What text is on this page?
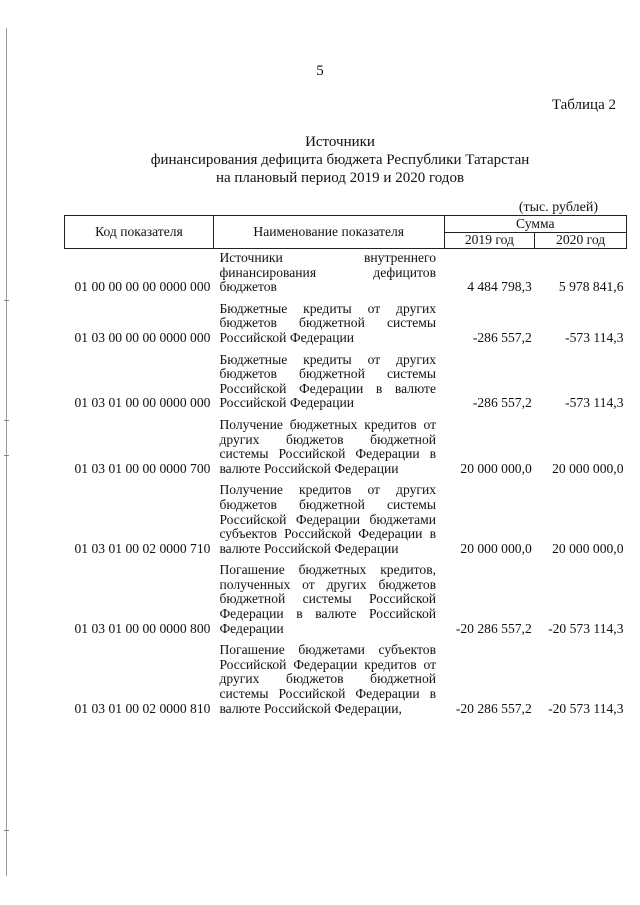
5
Таблица 2
Источники
финансирования дефицита бюджета Республики Татарстан
на плановый период 2019 и 2020 годов
(тыс. рублей)
Код показателя	Наименование показателя	Сумма	
		2019 год	2020 год
01 00 00 00 00 0000 000	Источники внутреннего финансирования дефицитов бюджетов	4 484 798,3	5 978 841,6
01 03 00 00 00 0000 000	Бюджетные кредиты от других бюджетов бюджетной системы Российской Федерации	-286 557,2	-573 114,3
01 03 01 00 00 0000 000	Бюджетные кредиты от других бюджетов бюджетной системы Российской Федерации в валюте Российской Федерации	-286 557,2	-573 114,3
01 03 01 00 00 0000 700	Получение бюджетных кредитов от других бюджетов бюджетной системы Российской Федерации в валюте Российской Федерации	20 000 000,0	20 000 000,0
01 03 01 00 02 0000 710	Получение кредитов от других бюджетов бюджетной системы Российской Федерации бюджетами субъектов Российской Федерации в валюте Российской Федерации	20 000 000,0	20 000 000,0
01 03 01 00 00 0000 800	Погашение бюджетных кредитов, полученных от других бюджетов бюджетной системы Российской Федерации в валюте Российской Федерации	-20 286 557,2	-20 573 114,3
01 03 01 00 02 0000 810	Погашение бюджетами субъектов Российской Федерации кредитов от других бюджетов бюджетной системы Российской Федерации в валюте Российской Федерации,	-20 286 557,2	-20 573 114,3
